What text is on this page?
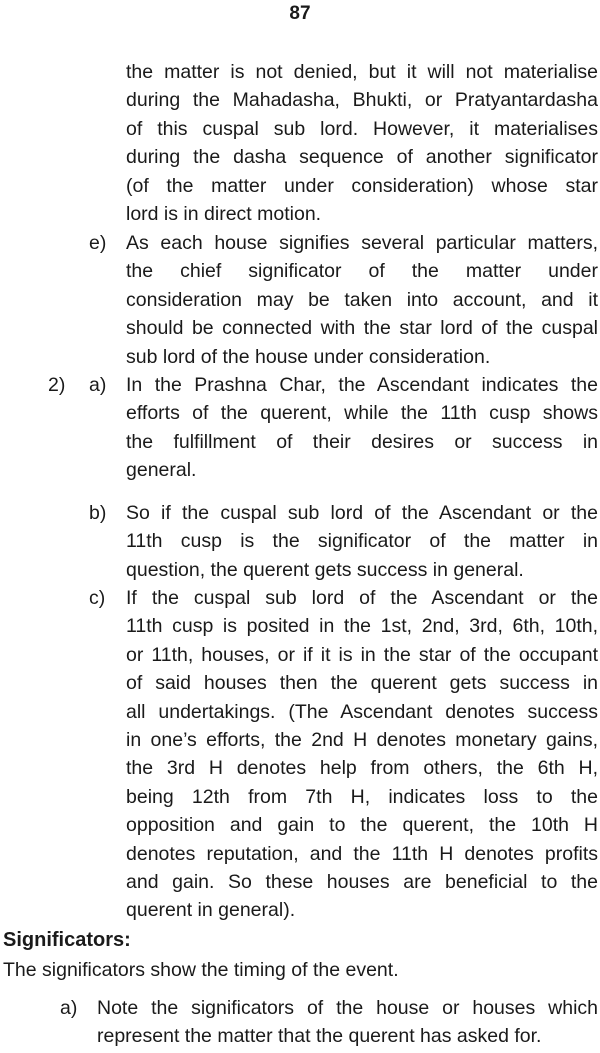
87
the matter is not denied, but it will not materialise
during the Mahadasha, Bhukti, or Pratyantardasha
of this cuspal sub lord. However, it materialises
during the dasha sequence of another significator
(of the matter under consideration) whose star
lord is in direct motion.
e) As each house signifies several particular matters,
the chief significator of the matter under
consideration may be taken into account, and it
should be connected with the star lord of the cuspal
sub lord of the house under consideration.
2) a) In the Prashna Char, the Ascendant indicates the
efforts of the querent, while the 11th cusp shows
the fulfillment of their desires or success in
general.
b) So if the cuspal sub lord of the Ascendant or the
11th cusp is the significator of the matter in
question, the querent gets success in general.
c) If the cuspal sub lord of the Ascendant or the
11th cusp is posited in the 1st, 2nd, 3rd, 6th, 10th,
or 11th, houses, or if it is in the star of the occupant
of said houses then the querent gets success in
all undertakings. (The Ascendant denotes success
in one’s efforts, the 2nd H denotes monetary gains,
the 3rd H denotes help from others, the 6th H,
being 12th from 7th H, indicates loss to the
opposition and gain to the querent, the 10th H
denotes reputation, and the 11th H denotes profits
and gain. So these houses are beneficial to the
querent in general).
Significators:
The significators show the timing of the event.
a) Note the significators of the house or houses which
represent the matter that the querent has asked for.
